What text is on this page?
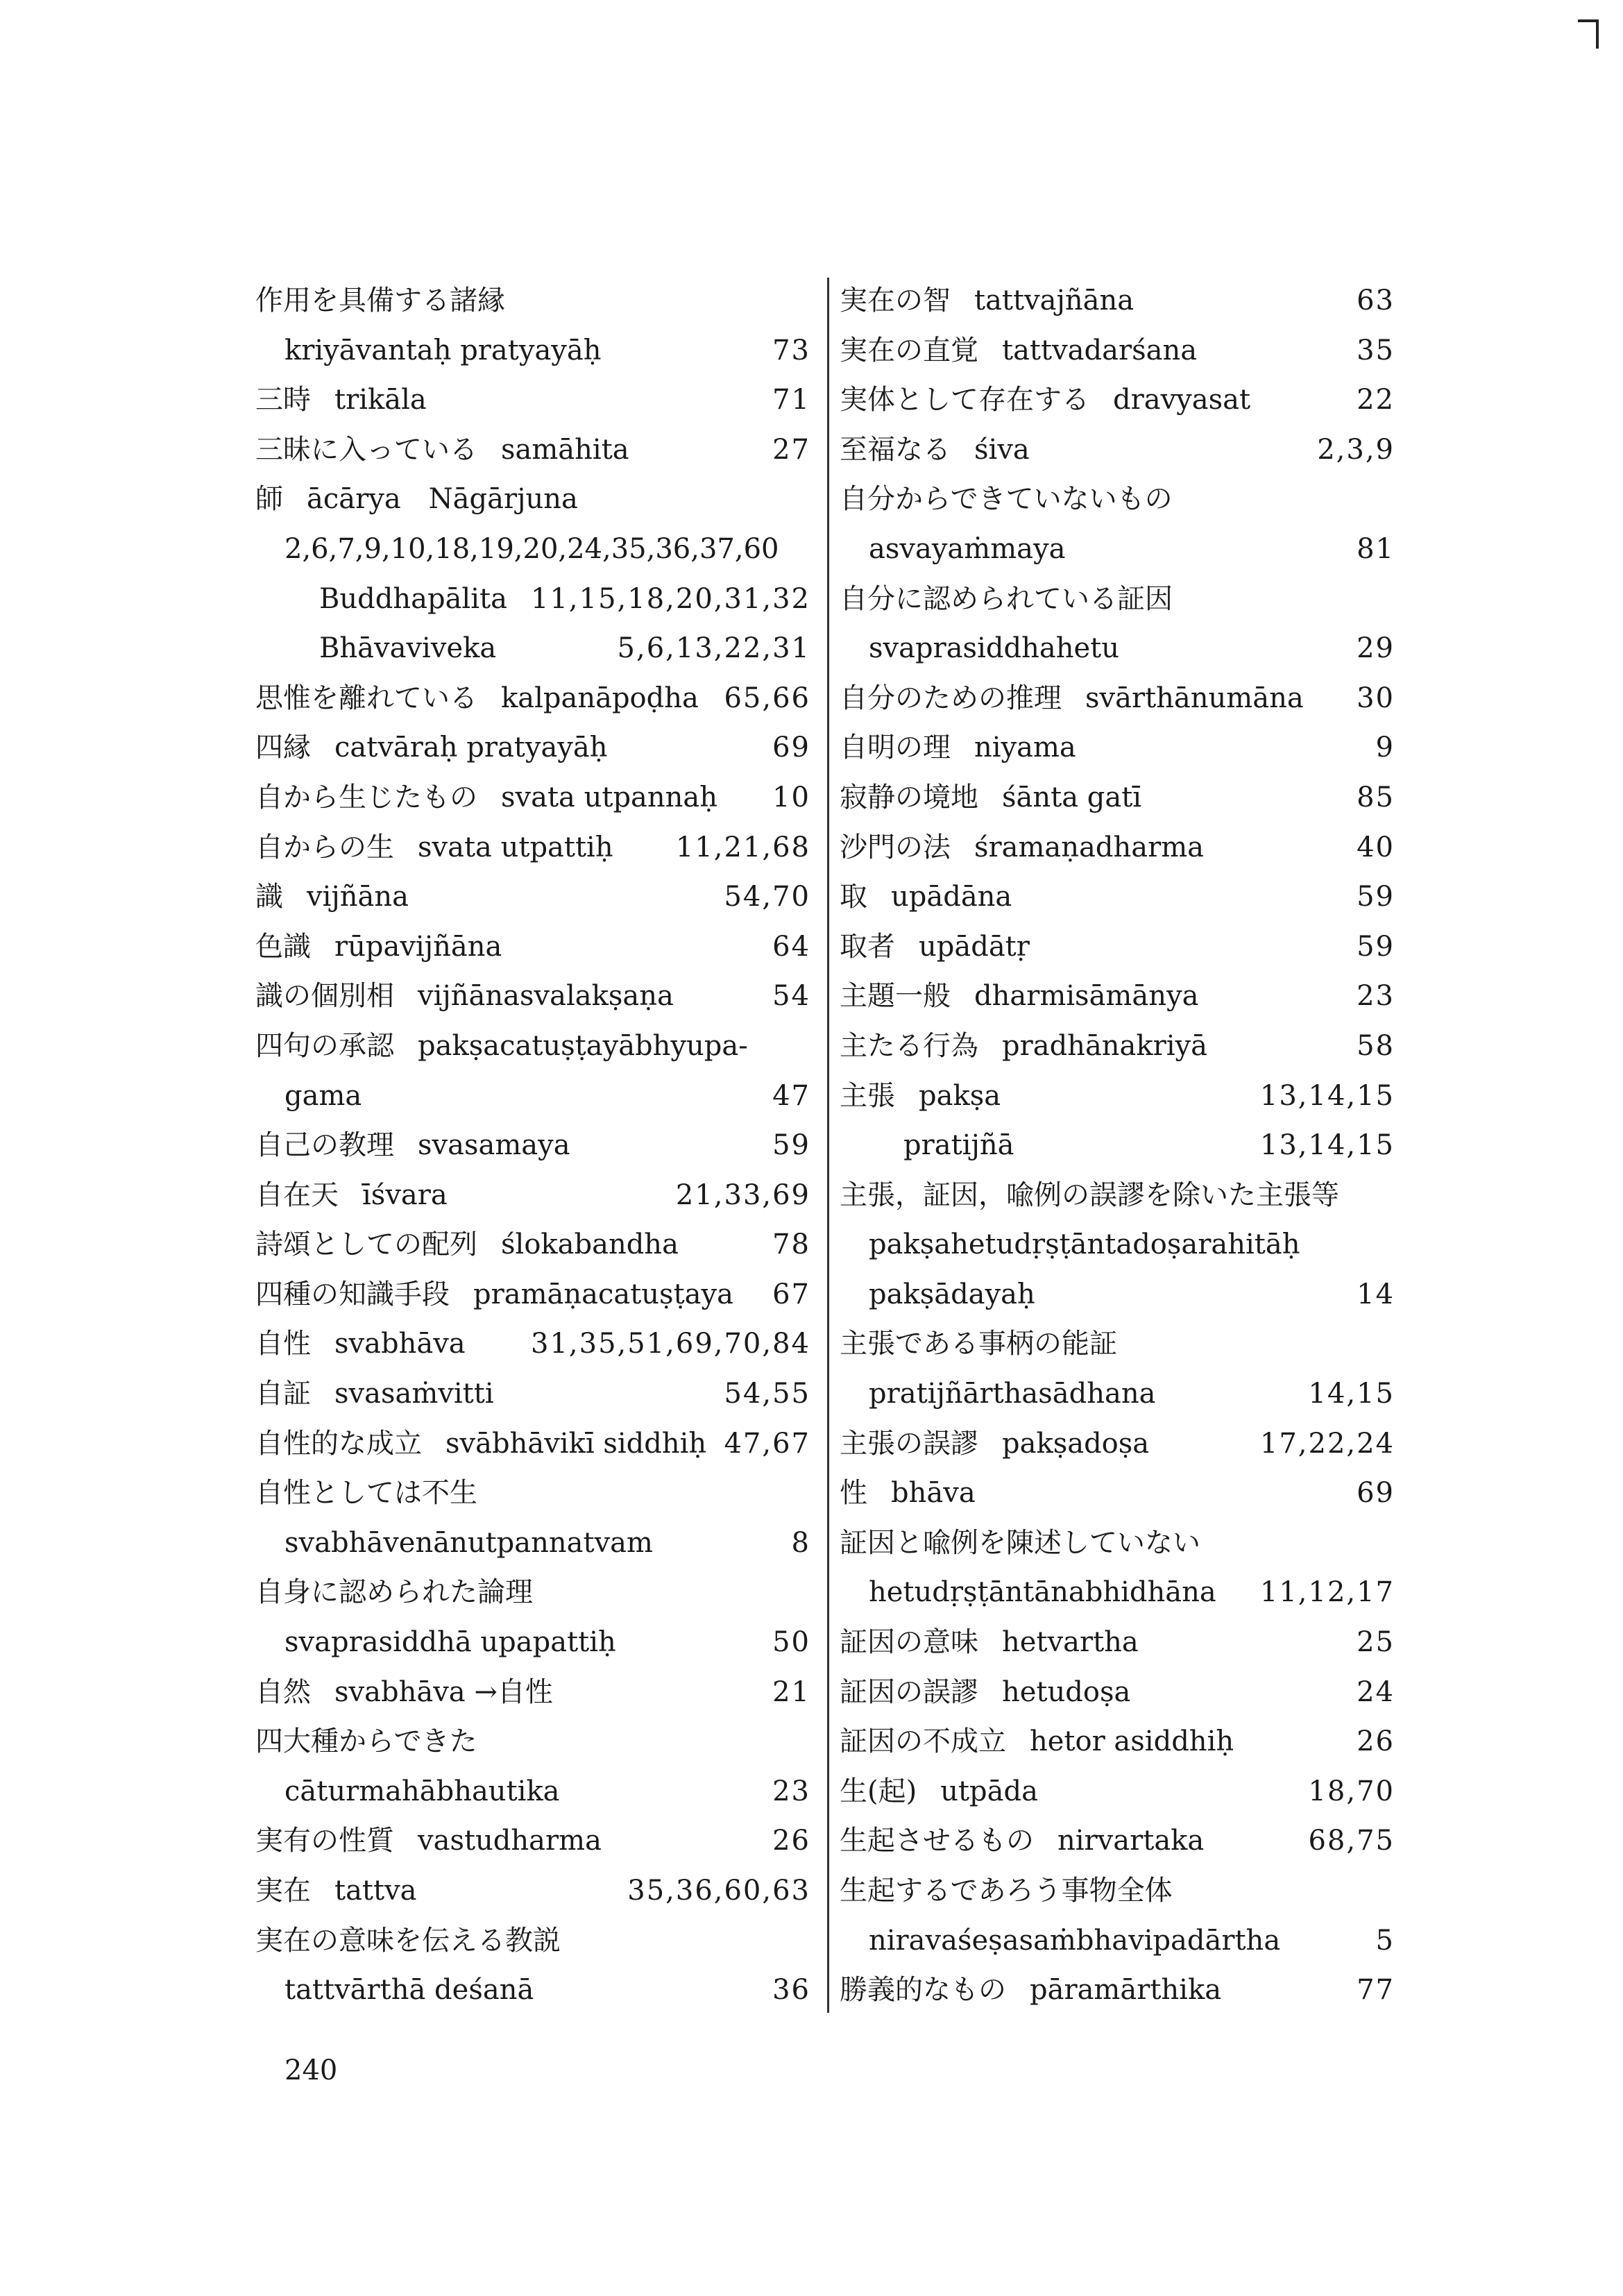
作用を具備する諸縁
kriyāvantaḥ pratyayāḥ	73
三時 trikāla	71
三昧に入っている samāhita	27
師 ācārya　Nāgārjuna
2,6,7,9,10,18,19,20,24,35,36,37,60
Buddhapālita 11,15,18,20,31,32
Bhāvaviveka	5,6,13,22,31
思惟を離れている kalpanāpoḍha 65,66
四縁 catvāraḥ pratyayāḥ	69
自から生じたもの svata utpannaḥ 10
自からの生 svata utpattiḥ 11,21,68
識 vijñāna	54,70
色識 rūpavijñāna	64
識の個別相 vijñānasvalakṣaṇa	54
四句の承認 pakṣacatuṣṭayābhyupa-
gama	47
自己の教理 svasamaya	59
自在天 īśvara	21,33,69
詩頌としての配列 ślokabandha	78
四種の知識手段 pramāṇacatuṣṭaya 67
自性 svabhāva 31,35,51,69,70,84
自証 svasaṁvitti	54,55
自性的な成立 svābhāvikī siddhiḥ 47,67
自性としては不生
svabhāvenānutpannatvam	8
自身に認められた論理
svaprasiddhā upapattiḥ	50
自然 svabhāva →自性	21
四大種からできた
cāturmahābhautika	23
実有の性質 vastudharma	26
実在 tattva	35,36,60,63
実在の意味を伝える教説
tattvārthā deśanā	36
実在の智 tattvajñāna	63
実在の直覚 tattvadarśana	35
実体として存在する dravyasat	22
至福なる śiva	2,3,9
自分からできていないもの
asvayaṁmaya	81
自分に認められている証因
svaprasiddhahetu	29
自分のための推理 svārthānumāna 30
自明の理 niyama	9
寂静の境地 śānta gatī	85
沙門の法 śramaṇadharma	40
取 upādāna	59
取者 upādātṛ	59
主題一般 dharmisāmānya	23
主たる行為 pradhānakriyā	58
主張 pakṣa	13,14,15
pratijñā	13,14,15
主張，証因，喩例の誤謬を除いた主張等
pakṣahetudṛṣṭāntadoṣarahitāḥ
pakṣādayaḥ	14
主張である事柄の能証
pratijñārthasādhana	14,15
主張の誤謬 pakṣadoṣa	17,22,24
性 bhāva	69
証因と喩例を陳述していない
hetudṛṣṭāntānabhidhāna 11,12,17
証因の意味 hetvartha	25
証因の誤謬 hetudoṣa	24
証因の不成立 hetor asiddhiḥ	26
生(起) utpāda	18,70
生起させるもの nirvartaka	68,75
生起するであろう事物全体
niravaśeṣasaṁbhavipadārtha	5
勝義的なもの pāramārthika	77
240
